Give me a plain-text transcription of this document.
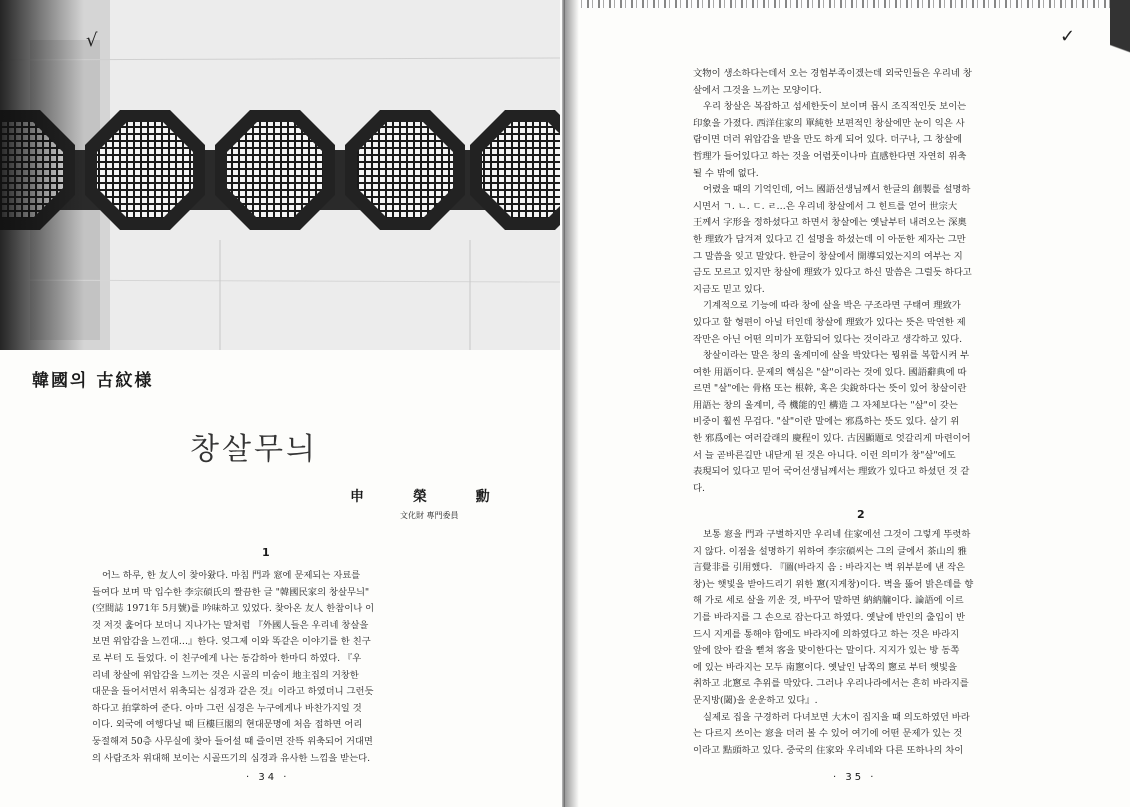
√
韓國의 古紋様
창살무늬
申 榮 勳
文化財 專門委員
1

어느 하루, 한 友人이 찾아왔다. 마침 門과 窓에 문제되는 자료를

들여다 보며 막 입수한 李宗碩氏의 짤끔한 글 "韓國民家의 창살무늬"

(空間誌 1971年 5月號)를 吟味하고 있었다. 찾아온 友人 한참이나 이

것 저것 훑어다 보더니 지나가는 말처럼 『外國人들은 우리네 창살을

보면 위압감을 느낀대…』한다. 엊그제 이와 똑같은 이야기를 한 친구

로 부터 도 들었다. 이 친구에게 나는 동감하아 한마디 하였다. 『우

리네 창살에 위압감을 느끼는 것은 시골의 미숨이 地主집의 거창한

대문을 들어서면서 위축되는 심경과 같은 것』이라고 하였더니 그런듯

하다고 拍掌하여 준다. 아마 그런 심경은 누구에게나 바찬가지일 것

이다. 외국에 여행다닐 때 巨樓巨閣의 현대문명에 처음 접하면 어리

둥절해져 50층 사무실에 찾아 들어설 때 즐이면 잔뜩 위축되어 거대면

의 사람조차 위대해 보이는 시골뜨기의 심경과 유사한 느낌을 받는다.

· 34 ·
✓

文物이 생소하다는데서 오는 경험부족이겠는데 외국인들은 우리네 창

살에서 그것을 느끼는 모양이다.

우리 창살은 복잡하고 섬세한듯이 보이며 몹시 조직적인듯 보이는

印象을 가졌다. 西洋住家의 單純한 보편적인 창살에만 눈이 익은 사

람이면 더러 위압감을 받을 만도 하게 되어 있다. 더구나, 그 창살에

哲理가 들어있다고 하는 것을 어렴풋이나마 直感한다면 자연히 위축

될 수 밖에 없다.

어렸을 때의 기억인데, 어느 國語선생님께서 한글의 創製를 설명하

시면서 ㄱ. ㄴ. ㄷ. ㄹ…은 우리네 창살에서 그 힌트를 얻어 世宗大

王께서 字形을 정하셨다고 하면서 창살에는 옛날부터 내려오는 深奧

한 理致가 담겨져 있다고 긴 설명을 하셨는데 이 아둔한 제자는 그만

그 말씀을 잊고 말았다. 한글이 창살에서 開導되었는지의 여부는 지

금도 모르고 있지만 창살에 理致가 있다고 하신 말씀은 그럴듯 하다고

지금도 믿고 있다.

기계적으로 기능에 따라 창에 살을 박은 구조라면 구태여 理致가

있다고 할 형편이 아닐 터인데 창살에 理致가 있다는 뜻은 막연한 제

작만은 아닌 어떤 의미가 포함되어 있다는 것이라고 생각하고 있다.

창살이라는 말은 창의 울계미에 살을 박았다는 뭥위를 복합시켜 부

여한 用語이다. 문제의 핵심은 "살"이라는 것에 있다. 國語辭典에 따

르면 "살"에는 骨格 또는 根幹, 혹은 尖銳하다는 뜻이 있어 창살이란

用語는 창의 울계미, 즉 機能的인 構造 그 자체보다는 "살"이 갖는

비중이 훨씬 무겁다. "살"이란 말에는 邪爲하는 뜻도 있다. 살기 위

한 邪爲에는 여러갈래의 慶程이 있다. 古因顯題로 엇갈리게 마련이어

서 늘 곧바른길만 내닫게 된 것은 아니다. 이런 의미가 창"살"에도

表現되어 있다고 믿어 국어선생님께서는 理致가 있다고 하셨던 것 같

다.

2

보통 窓을 門과 구별하지만 우리네 住家에선 그것이 그렇게 뚜렷하

지 않다. 이점을 설명하기 위하여 李宗碩씨는 그의 글에서 茶山의 雅

言覺非를 引用했다. 『圖(바라지 음 : 바라지는 벽 위부분에 낸 작은

창)는 햇빛을 받아드리기 위한 窻(지게창)이다. 벽을 뚫어 밝은데를 향

해 가로 세로 살을 끼운 것, 바꾸어 말하면 納納牖이다. 論語에 이르

기를 바라지를 그 손으로 잡는다고 하였다. 옛날에 반인의 출입이 반

드시 지게를 통해야 함에도 바라지에 의하였다고 하는 것은 바라지

앞에 앉아 칼을 뻗쳐 客을 맞이한다는 말이다. 지지가 있는 방 동쪽

에 있는 바라지는 모두 南窻이다. 옛날인 남쪽의 窻로 부터 햇빛을

취하고 北窻로 추위를 막았다. 그러나 우리나라에서는 흔히 바라지를

문지방(閾)을 운운하고 있다』.

실제로 집을 구경하러 다녀보면 大木이 집지을 때 의도하였던 바라

는 다르지 쓰이는 窓을 더러 볼 수 있어 여기에 어떤 문제가 있는 것

이라고 點頭하고 있다. 중국의 住家와 우리네와 다른 또하나의 차이

· 35 ·
